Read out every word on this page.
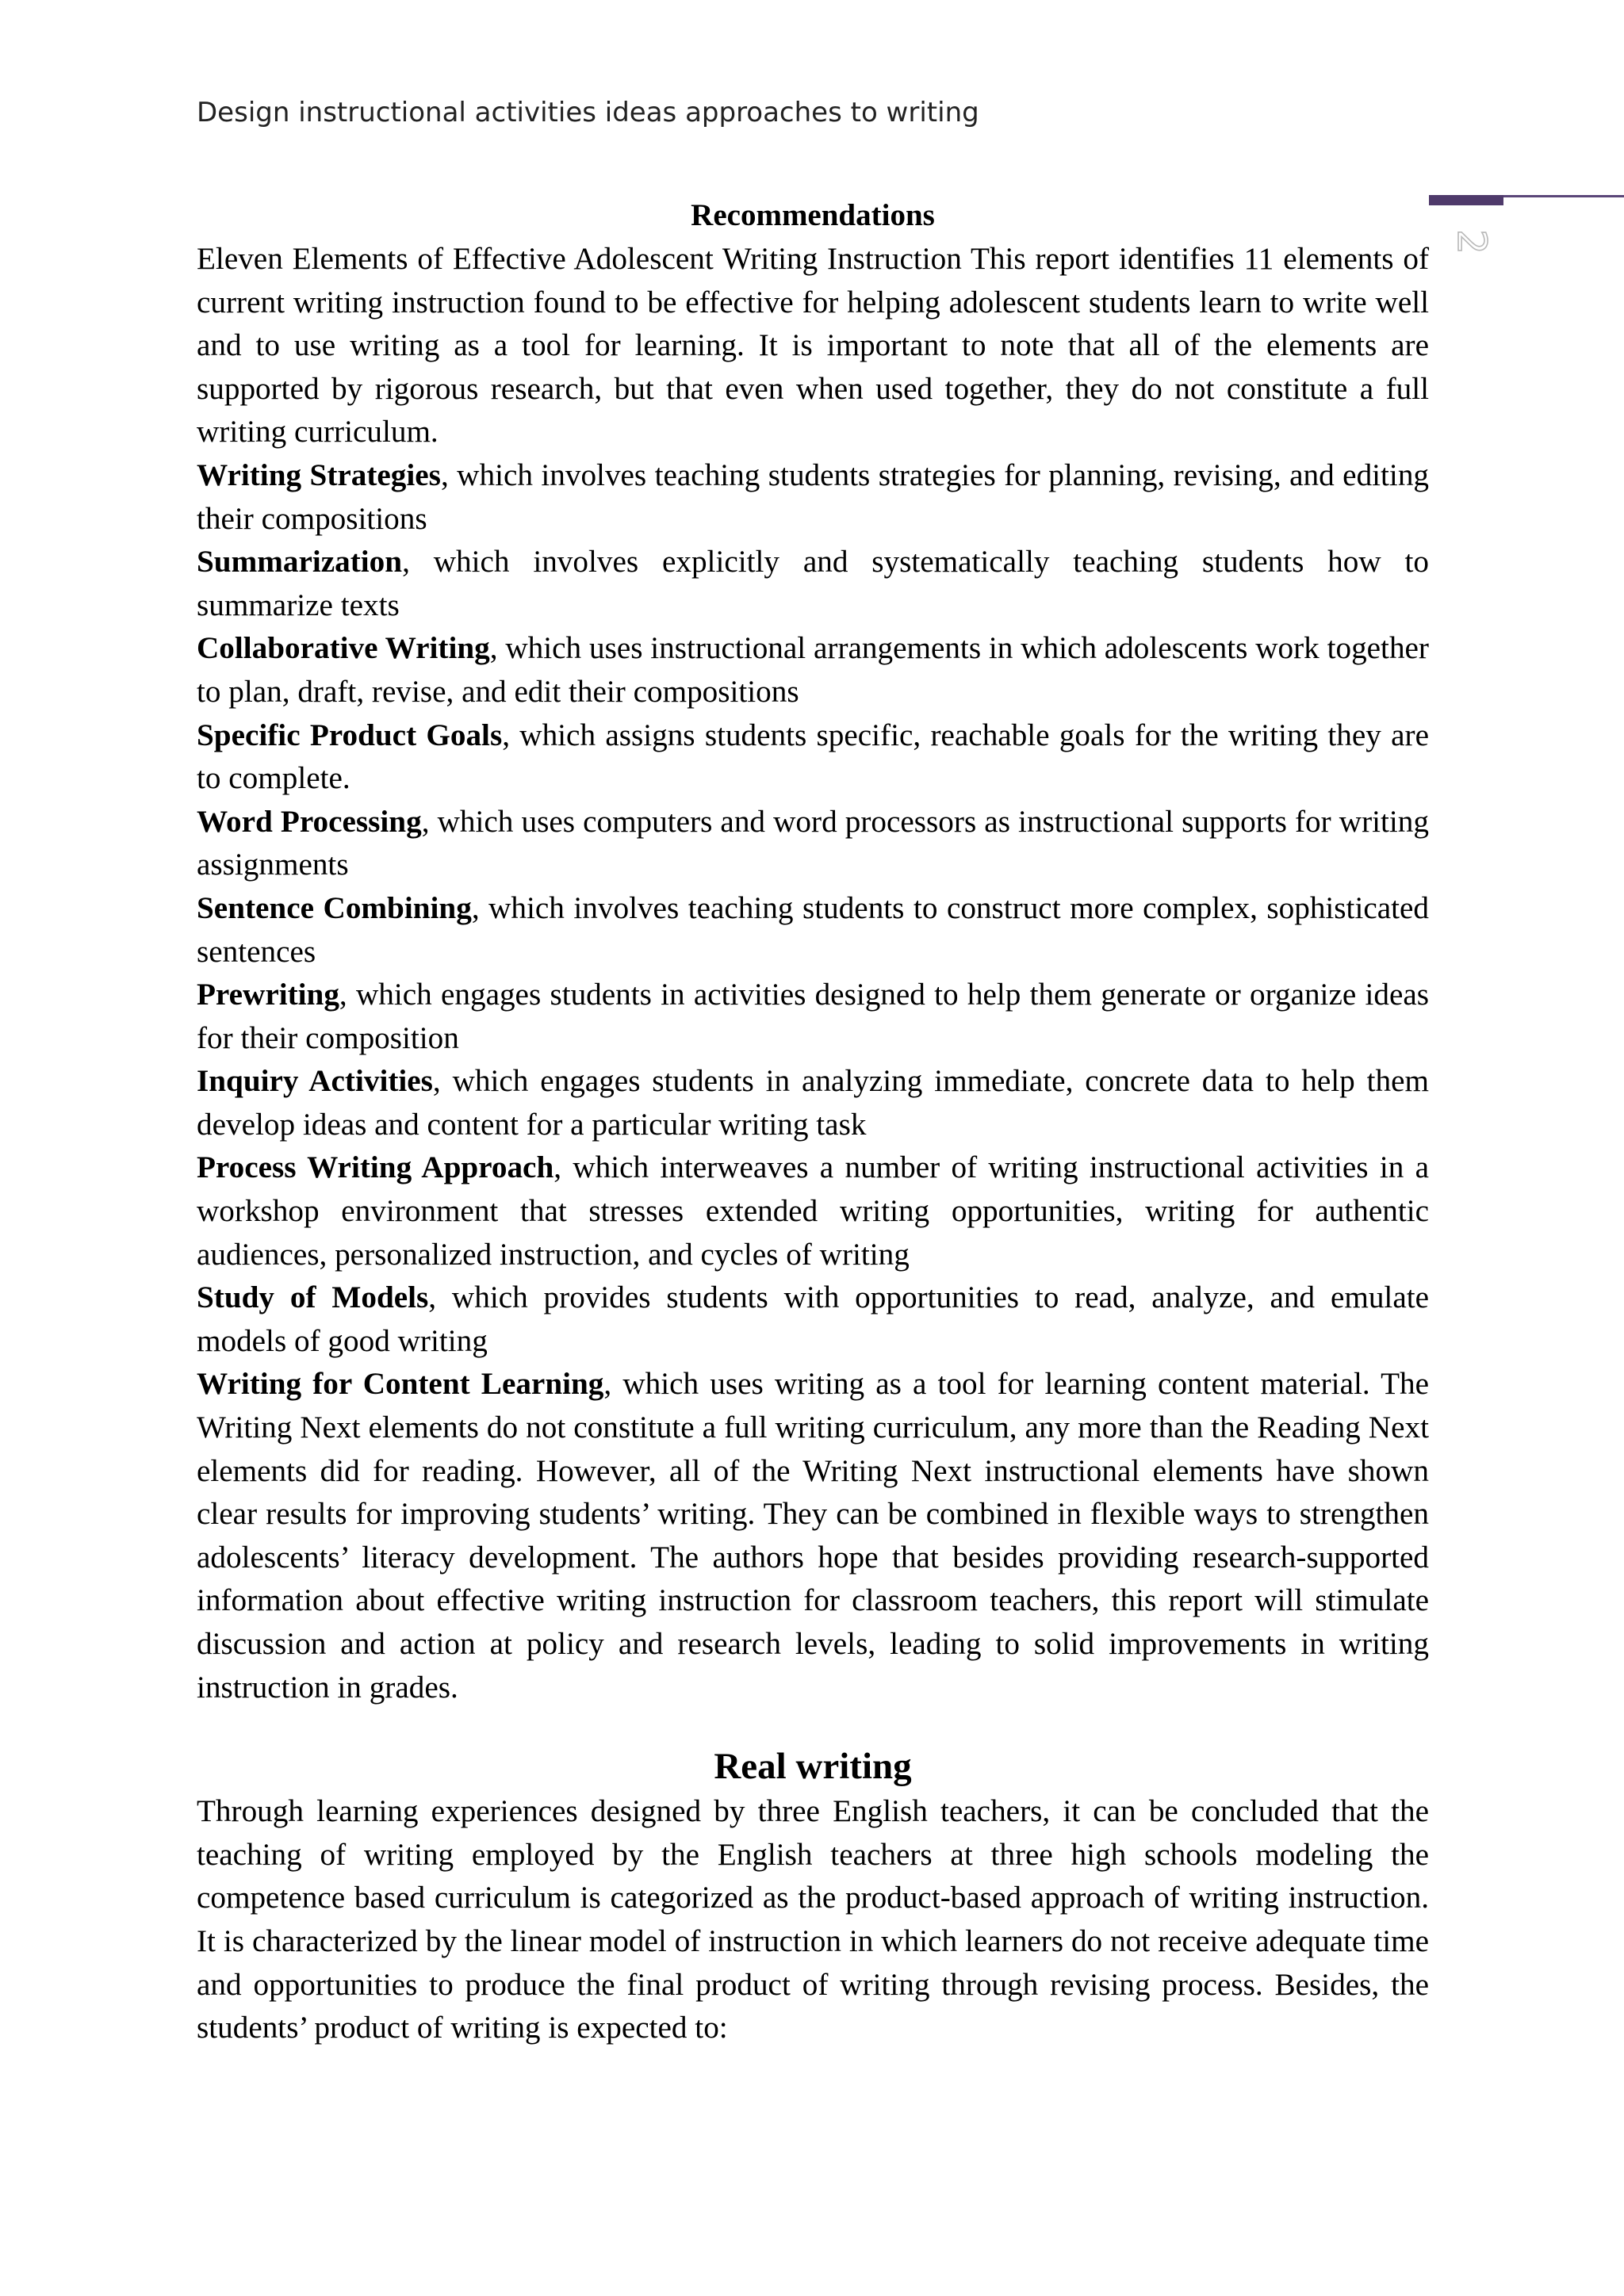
Design instructional activities ideas approaches to writing
2
Recommendations

Eleven Elements of Effective Adolescent Writing Instruction This report identifies 11 elements of current writing instruction found to be effective for helping adolescent students learn to write well and to use writing as a tool for learning. It is important to note that all of the elements are supported by rigorous research, but that even when used together, they do not constitute a full writing curriculum.

Writing Strategies, which involves teaching students strategies for planning, revising, and editing their compositions

Summarization, which involves explicitly and systematically teaching students how to summarize texts

Collaborative Writing, which uses instructional arrangements in which adolescents work together to plan, draft, revise, and edit their compositions

Specific Product Goals, which assigns students specific, reachable goals for the writing they are to complete.

Word Processing, which uses computers and word processors as instructional supports for writing assignments

Sentence Combining, which involves teaching students to construct more complex, sophisticated sentences

Prewriting, which engages students in activities designed to help them generate or organize ideas for their composition

Inquiry Activities, which engages students in analyzing immediate, concrete data to help them develop ideas and content for a particular writing task

Process Writing Approach, which interweaves a number of writing instructional activities in a workshop environment that stresses extended writing opportunities, writing for authentic audiences, personalized instruction, and cycles of writing

Study of Models, which provides students with opportunities to read, analyze, and emulate models of good writing

Writing for Content Learning, which uses writing as a tool for learning content material. The Writing Next elements do not constitute a full writing curriculum, any more than the Reading Next elements did for reading. However, all of the Writing Next instructional elements have shown clear results for improving students’ writing. They can be combined in flexible ways to strengthen adolescents’ literacy development. The authors hope that besides providing research-supported information about effective writing instruction for classroom teachers, this report will stimulate discussion and action at policy and research levels, leading to solid improvements in writing instruction in grades.

Real writing

Through learning experiences designed by three English teachers, it can be concluded that the teaching of writing employed by the English teachers at three high schools modeling the competence based curriculum is categorized as the product-based approach of writing instruction. It is characterized by the linear model of instruction in which learners do not receive adequate time and opportunities to produce the final product of writing through revising process. Besides, the students’ product of writing is expected to:
